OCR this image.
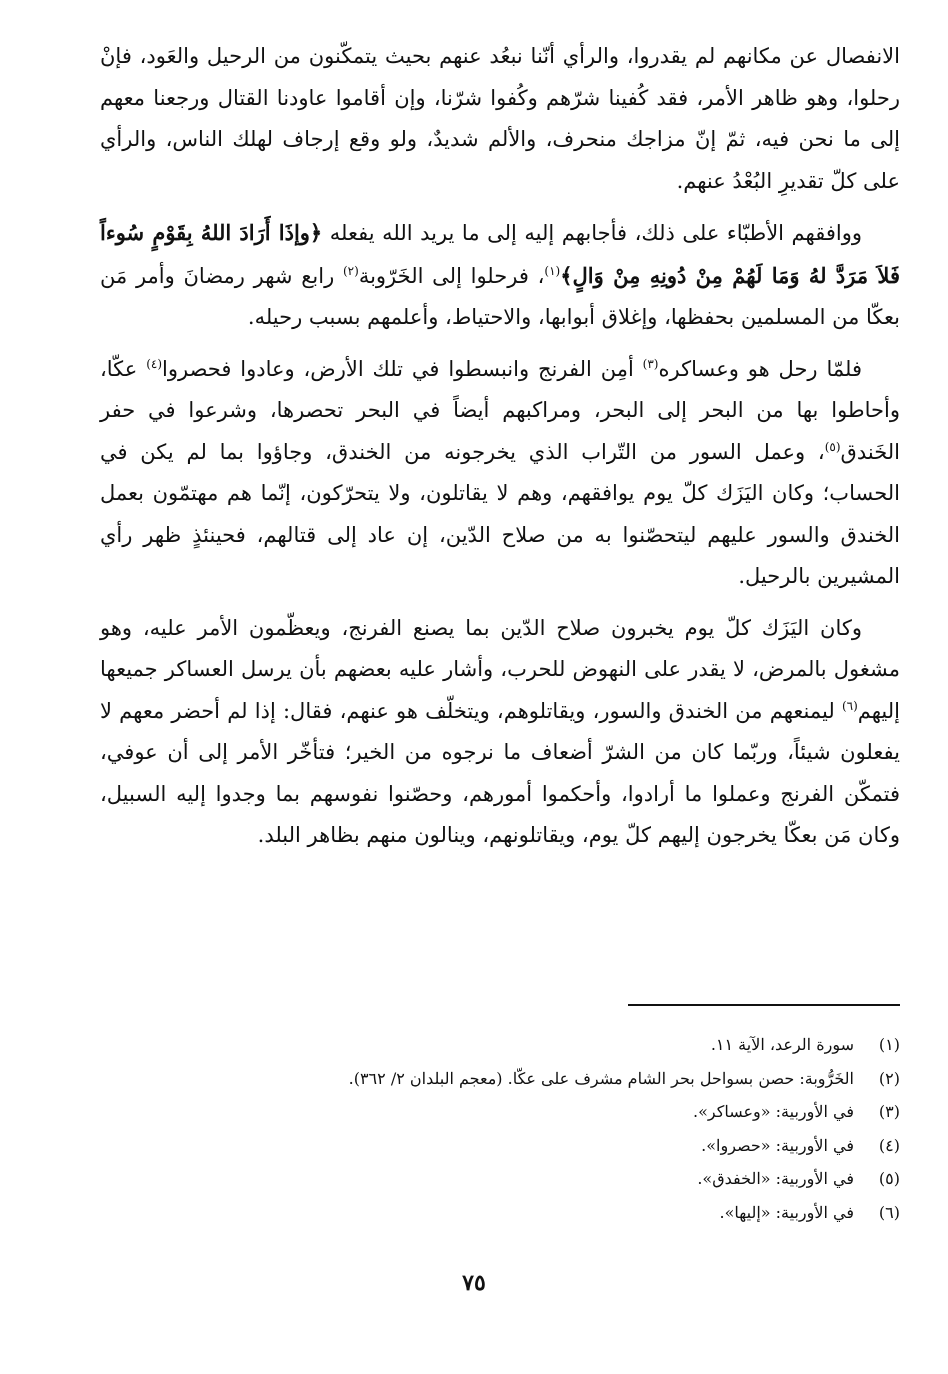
الانفصال عن مكانهم لم يقدروا، والرأي أنّنا نبعُد عنهم بحيث يتمكّنون من الرحيل والعَود، فإنْ رحلوا، وهو ظاهر الأمر، فقد كُفينا شرّهم وكُفوا شرّنا، وإن أقاموا عاودنا القتال ورجعنا معهم إلى ما نحن فيه، ثمّ إنّ مزاجك منحرف، والألم شديدٌ، ولو وقع إرجاف لهلك الناس، والرأي على كلّ تقديرِ البُعْدُ عنهم.

ووافقهم الأطبّاء على ذلك، فأجابهم إليه إلى ما يريد الله يفعله ﴿وإذَا أَرَادَ اللهُ بِقَوْمٍ سُوءاً فَلاَ مَرَدَّ لهُ وَمَا لَهُمْ مِنْ دُونِهِ مِنْ وَالٍ﴾$^{(١)}$، فرحلوا إلى الخَرّوبة$^{(٢)}$ رابع شهر رمضانَ وأمر مَن بعكّا من المسلمين بحفظها، وإغلاق أبوابها، والاحتياط، وأعلمهم بسبب رحيله.

فلمّا رحل هو وعساكره$^{(٣)}$ أمِن الفرنج وانبسطوا في تلك الأرض، وعادوا فحصروا$^{(٤)}$ عكّا، وأحاطوا بها من البحر إلى البحر، ومراكبهم أيضاً في البحر تحصرها، وشرعوا في حفر الخَندق$^{(٥)}$، وعمل السور من التّراب الذي يخرجونه من الخندق، وجاؤوا بما لم يكن في الحساب؛ وكان اليَزَك كلّ يوم يوافقهم، وهم لا يقاتلون، ولا يتحرّكون، إنّما هم مهتمّون بعمل الخندق والسور عليهم ليتحصّنوا به من صلاح الدّين، إن عاد إلى قتالهم، فحينئذٍ ظهر رأي المشيرين بالرحيل.

وكان اليَزَك كلّ يوم يخبرون صلاح الدّين بما يصنع الفرنج، ويعظّمون الأمر عليه، وهو مشغول بالمرض، لا يقدر على النهوض للحرب، وأشار عليه بعضهم بأن يرسل العساكر جميعها إليهم$^{(٦)}$ ليمنعهم من الخندق والسور، ويقاتلوهم، ويتخلّف هو عنهم، فقال: إذا لم أحضر معهم لا يفعلون شيئاً، وربّما كان من الشرّ أضعاف ما نرجوه من الخير؛ فتأخّر الأمر إلى أن عوفي، فتمكّن الفرنج وعملوا ما أرادوا، وأحكموا أمورهم، وحصّنوا نفوسهم بما وجدوا إليه السبيل، وكان مَن بعكّا يخرجون إليهم كلّ يوم، ويقاتلونهم، وينالون منهم بظاهر البلد.

(١)
سورة الرعد، الآية ١١.
(٢)
الخَرُّوبة: حصن بسواحل بحر الشام مشرف على عكّا. (معجم البلدان ٢/ ٣٦٢).
(٣)
في الأوربية: «وعساكر».
(٤)
في الأوربية: «حصروا».
(٥)
في الأوربية: «الخفدق».
(٦)
في الأوربية: «إليها».
٧٥
